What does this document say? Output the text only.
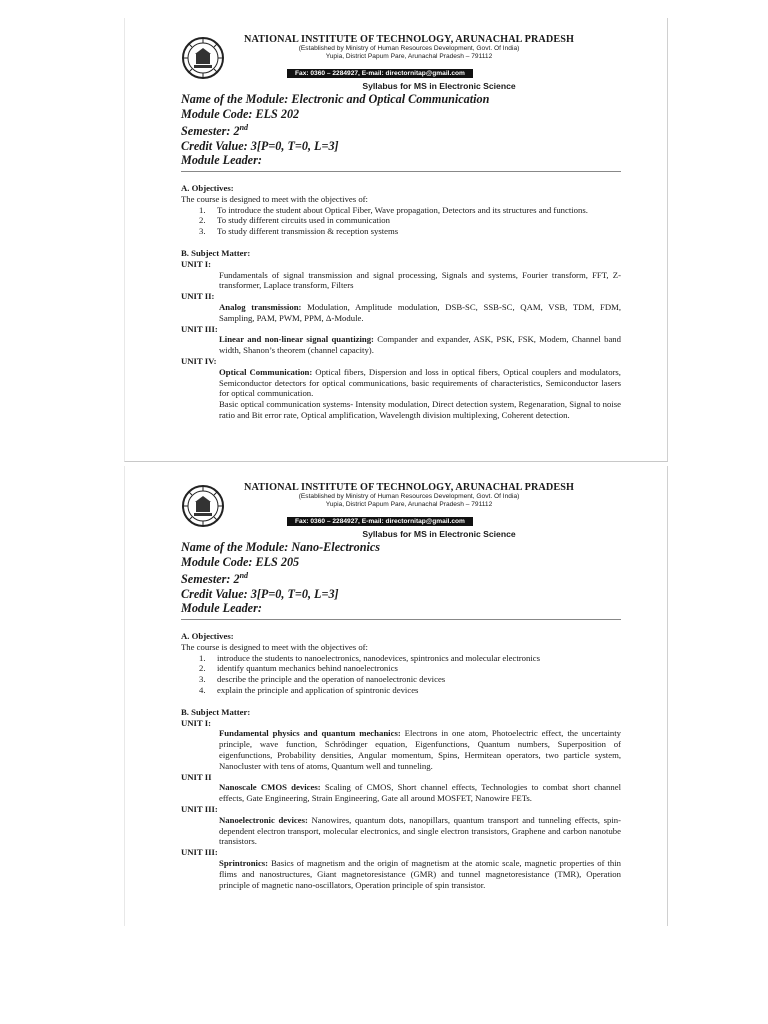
NATIONAL INSTITUTE OF TECHNOLOGY, ARUNACHAL PRADESH
(Established by Ministry of Human Resources Development, Govt. Of India)
Yupia, District Papum Pare, Arunachal Pradesh – 791112
Fax: 0360 – 2284927, E-mail: directornitap@gmail.com
Syllabus for MS in Electronic Science
Name of the Module: Electronic and Optical Communication
Module Code: ELS 202
Semester: 2nd
Credit Value: 3[P=0, T=0, L=3]
Module Leader:
A. Objectives:
The course is designed to meet with the objectives of:
1. To introduce the student about Optical Fiber, Wave propagation, Detectors and its structures and functions.
2. To study different circuits used in communication
3. To study different transmission & reception systems
B. Subject Matter:
UNIT I:
Fundamentals of signal transmission and signal processing, Signals and systems, Fourier transform, FFT, Z-transformer, Laplace transform, Filters
UNIT II:
Analog transmission: Modulation, Amplitude modulation, DSB-SC, SSB-SC, QAM, VSB, TDM, FDM, Sampling, PAM, PWM, PPM, Δ-Module.
UNIT III:
Linear and non-linear signal quantizing: Compander and expander, ASK, PSK, FSK, Modem, Channel band width, Shanon’s theorem (channel capacity).
UNIT IV:
Optical Communication: Optical fibers, Dispersion and loss in optical fibers, Optical couplers and modulators, Semiconductor detectors for optical communications, basic requirements of characteristics, Semiconductor lasers for optical communication.
Basic optical communication systems- Intensity modulation, Direct detection system, Regenaration, Signal to noise ratio and Bit error rate, Optical amplification, Wavelength division multiplexing, Coherent detection.
NATIONAL INSTITUTE OF TECHNOLOGY, ARUNACHAL PRADESH
(Established by Ministry of Human Resources Development, Govt. Of India)
Yupia, District Papum Pare, Arunachal Pradesh – 791112
Fax: 0360 – 2284927, E-mail: directornitap@gmail.com
Syllabus for MS in Electronic Science
Name of the Module: Nano-Electronics
Module Code: ELS 205
Semester: 2nd
Credit Value: 3[P=0, T=0, L=3]
Module Leader:
A. Objectives:
The course is designed to meet with the objectives of:
1. introduce the students to nanoelectronics, nanodevices, spintronics and molecular electronics
2. identify quantum mechanics behind nanoelectronics
3. describe the principle and the operation of nanoelectronic devices
4. explain the principle and application of spintronic devices
B. Subject Matter:
UNIT I:
Fundamental physics and quantum mechanics: Electrons in one atom, Photoelectric effect, the uncertainty principle, wave function, Schrödinger equation, Eigenfunctions, Quantum numbers, Superposition of eigenfunctions, Probability densities, Angular momentum, Spins, Hermitean operators, two particle system, Nanocluster with tens of atoms, Quantum well and tunneling.
UNIT II
Nanoscale CMOS devices: Scaling of CMOS, Short channel effects, Technologies to combat short channel effects, Gate Engineering, Strain Engineering, Gate all around MOSFET, Nanowire FETs.
UNIT III:
Nanoelectronic devices: Nanowires, quantum dots, nanopillars, quantum transport and tunneling effects, spin-dependent electron transport, molecular electronics, and single electron transistors, Graphene and carbon nanotube transistors.
UNIT III:
Sprintronics: Basics of magnetism and the origin of magnetism at the atomic scale, magnetic properties of thin flims and nanostructures, Giant magnetoresistance (GMR) and tunnel magnetoresistance (TMR), Operation principle of magnetic nano-oscillators, Operation principle of spin transistor.
